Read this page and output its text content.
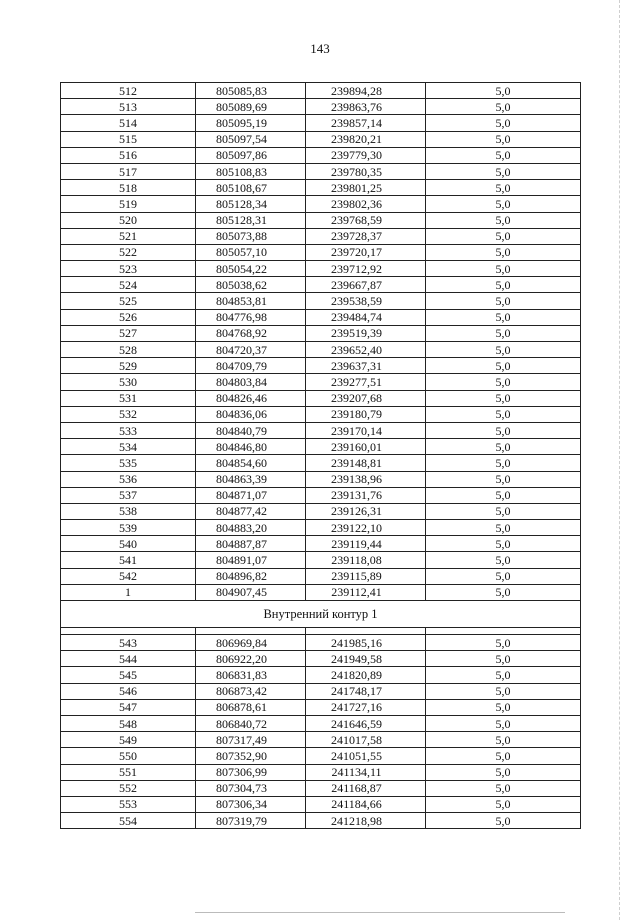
143
512	805085,83	239894,28	5,0
513	805089,69	239863,76	5,0
514	805095,19	239857,14	5,0
515	805097,54	239820,21	5,0
516	805097,86	239779,30	5,0
517	805108,83	239780,35	5,0
518	805108,67	239801,25	5,0
519	805128,34	239802,36	5,0
520	805128,31	239768,59	5,0
521	805073,88	239728,37	5,0
522	805057,10	239720,17	5,0
523	805054,22	239712,92	5,0
524	805038,62	239667,87	5,0
525	804853,81	239538,59	5,0
526	804776,98	239484,74	5,0
527	804768,92	239519,39	5,0
528	804720,37	239652,40	5,0
529	804709,79	239637,31	5,0
530	804803,84	239277,51	5,0
531	804826,46	239207,68	5,0
532	804836,06	239180,79	5,0
533	804840,79	239170,14	5,0
534	804846,80	239160,01	5,0
535	804854,60	239148,81	5,0
536	804863,39	239138,96	5,0
537	804871,07	239131,76	5,0
538	804877,42	239126,31	5,0
539	804883,20	239122,10	5,0
540	804887,87	239119,44	5,0
541	804891,07	239118,08	5,0
542	804896,82	239115,89	5,0
1	804907,45	239112,41	5,0
Внутренний контур 1			

543	806969,84	241985,16	5,0
544	806922,20	241949,58	5,0
545	806831,83	241820,89	5,0
546	806873,42	241748,17	5,0
547	806878,61	241727,16	5,0
548	806840,72	241646,59	5,0
549	807317,49	241017,58	5,0
550	807352,90	241051,55	5,0
551	807306,99	241134,11	5,0
552	807304,73	241168,87	5,0
553	807306,34	241184,66	5,0
554	807319,79	241218,98	5,0
